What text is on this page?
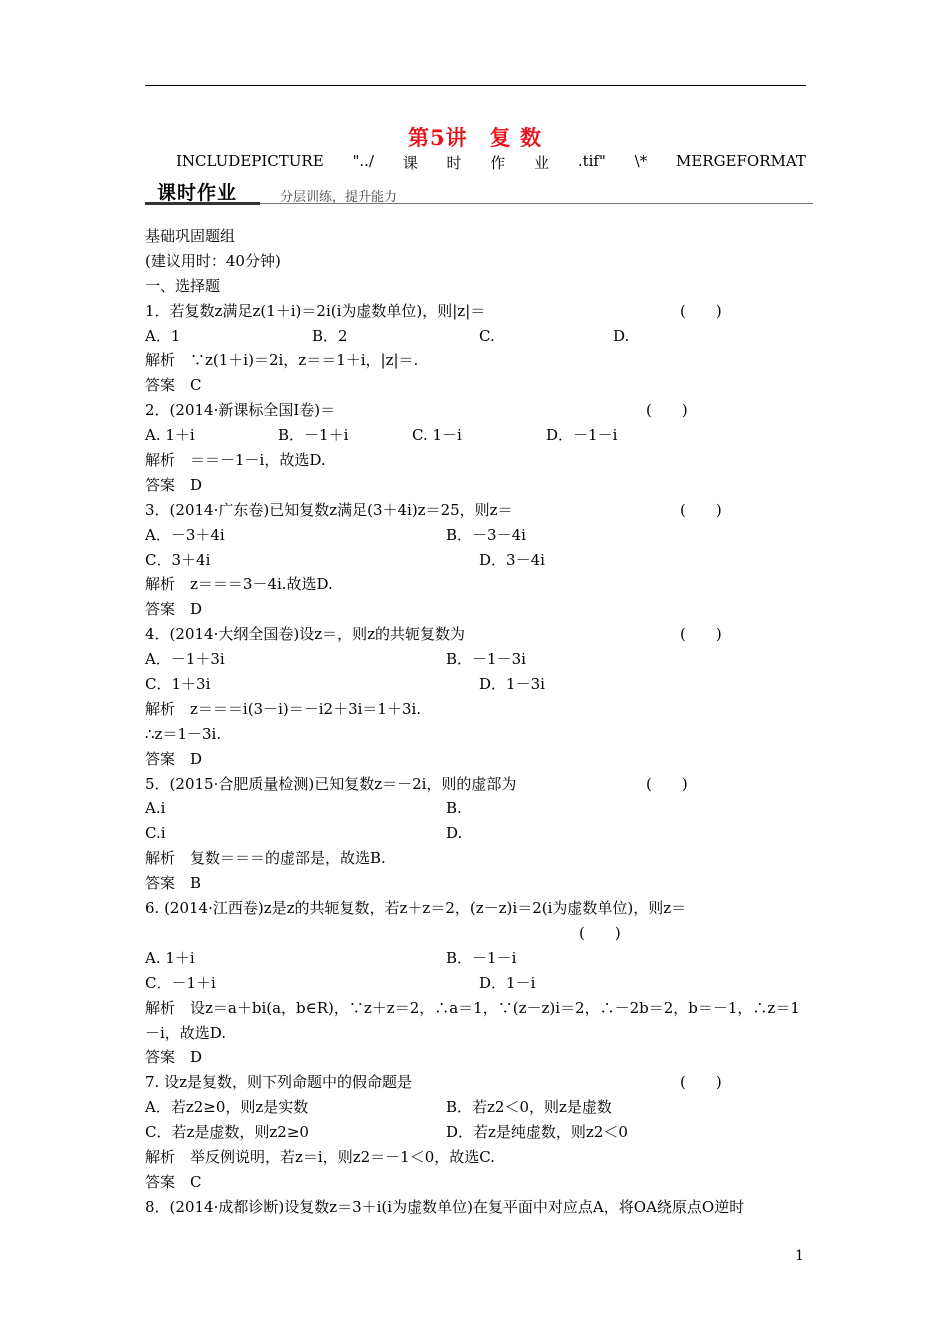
第5讲　复 数
INCLUDEPICTURE "../ 课 时 作 业 .tif" \* MERGEFORMAT
课时作业	分层训练，提升能力
基础巩固题组
(建议用时：40分钟)
一、选择题
1．若复数z满足z(1＋i)＝2i(i为虚数单位)，则|z|＝	(　　)
A．1	B．2	C.	D.
解析　∵z(1＋i)＝2i，z＝＝1＋i，|z|＝.
答案　C
2．(2014·新课标全国Ⅰ卷)＝	(　　)
A. 1＋i	B．－1＋i	C. 1－i	D．－1－i
解析　＝＝－1－i，故选D.
答案　D
3．(2014·广东卷)已知复数z满足(3＋4i)z＝25，则z＝	(　　)
A．－3＋4i	B．－3－4i
C．3＋4i	D．3－4i
解析　z＝＝＝3－4i.故选D.
答案　D
4．(2014·大纲全国卷)设z＝，则z的共轭复数为	(　　)
A．－1＋3i	B．－1－3i
C．1＋3i	D．1－3i
解析　z＝＝＝i(3－i)＝－i2＋3i＝1＋3i.
∴z＝1－3i.
答案　D
5．(2015·合肥质量检测)已知复数z＝－2i，则的虚部为	(　　)
A.i	B.
C.i	D.
解析　复数＝＝＝的虚部是，故选B.
答案　B
6. (2014·江西卷)z是z的共轭复数，若z＋z＝2，(z－z)i＝2(i为虚数单位)，则z＝
(　　)
A. 1＋i	B．－1－i
C．－1＋i	D．1－i
解析　设z＝a＋bi(a，b∈R)，∵z＋z＝2，∴a＝1，∵(z－z)i＝2，∴－2b＝2，b＝－1，∴z＝1－i，故选D.
答案　D
7. 设z是复数，则下列命题中的假命题是	(　　)
A．若z2≥0，则z是实数	B．若z2＜0，则z是虚数
C．若z是虚数，则z2≥0	D．若z是纯虚数，则z2＜0
解析　举反例说明，若z＝i，则z2＝－1＜0，故选C.
答案　C
8．(2014·成都诊断)设复数z＝3＋i(i为虚数单位)在复平面中对应点A，将OA绕原点O逆时
1
